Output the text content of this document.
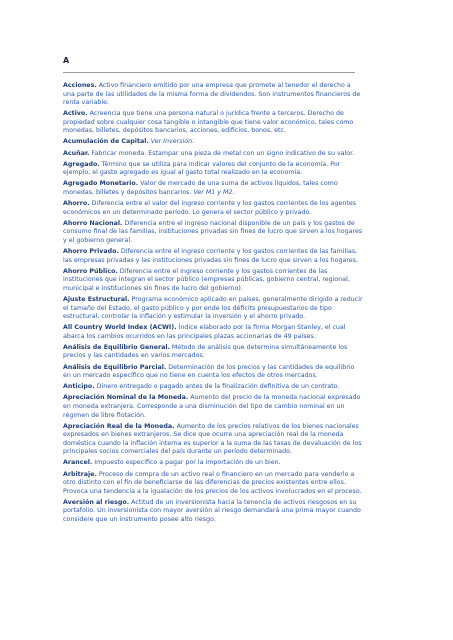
A

Acciones. Activo financiero emitido por una empresa que promete al tenedor el derecho a una parte de las utilidades de la misma forma de dividendos. Son instrumentos financieros de renta variable.

Activo. Acreencia que tiene una persona natural o jurídica frente a terceros. Derecho de propiedad sobre cualquier cosa tangible o intangible que tiene valor económico, tales como monedas, billetes, depósitos bancarios, acciones, edificios, bonos, etc.

Acumulación de Capital. Ver Inversión.

Acuñar. Fabricar moneda. Estampar una pieza de metal con un signo indicativo de su valor.

Agregado. Término que se utiliza para indicar valores del conjunto de la economía. Por ejemplo, el gasto agregado es igual al gasto total realizado en la economía.

Agregado Monetario. Valor de mercado de una suma de activos líquidos, tales como monedas, billetes y depósitos bancarios. Ver M1 y M2.

Ahorro. Diferencia entre el valor del ingreso corriente y los gastos corrientes de los agentes económicos en un determinado período. Lo genera el sector público y privado.

Ahorro Nacional. Diferencia entre el ingreso nacional disponible de un país y los gastos de consumo final de las familias, instituciones privadas sin fines de lucro que sirven a los hogares y el gobierno general.

Ahorro Privado. Diferencia entre el ingreso corriente y los gastos corrientes de las familias, las empresas privadas y las instituciones privadas sin fines de lucro que sirven a los hogares.

Ahorro Público. Diferencia entre el ingreso corriente y los gastos corrientes de las instituciones que integran el sector público (empresas públicas, gobierno central, regional, municipal e instituciones sin fines de lucro del gobierno).

Ajuste Estructural. Programa económico aplicado en países, generalmente dirigido a reducir el tamaño del Estado, el gasto público y por ende los déficits presupuestarios de tipo estructural, controlar la inflación y estimular la inversión y el ahorro privado.

All Country World Index (ACWI). Índice elaborado por la firma Morgan Stanley, el cual abarca los cambios ocurridos en las principales plazas accionarias de 49 países.

Análisis de Equilibrio General. Método de análisis que determina simultáneamente los precios y las cantidades en varios mercados.

Análisis de Equilibrio Parcial. Determinación de los precios y las cantidades de equilibrio en un mercado específico que no tiene en cuenta los efectos de otros mercados.

Anticipo. Dinero entregado o pagado antes de la finalización definitiva de un contrato.

Apreciación Nominal de la Moneda. Aumento del precio de la moneda nacional expresado en moneda extranjera. Corresponde a una disminución del tipo de cambio nominal en un régimen de libre flotación.

Apreciación Real de la Moneda. Aumento de los precios relativos de los bienes nacionales expresados en bienes extranjeros. Se dice que ocurre una apreciación real de la moneda doméstica cuando la inflación interna es superior a la suma de las tasas de devaluación de los principales socios comerciales del país durante un período determinado.

Arancel. Impuesto específico a pagar por la importación de un bien.

Arbitraje. Proceso de compra de un activo real o financiero en un mercado para venderlo a otro distinto con el fin de beneficiarse de las diferencias de precios existentes entre ellos. Provoca una tendencia a la igualación de los precios de los activos involucrados en el proceso.

Aversión al riesgo. Actitud de un inversionista hacia la tenencia de activos riesgosos en su portafolio. Un inversionista con mayor aversión al riesgo demandará una prima mayor cuando considere que un instrumento posee alto riesgo.
